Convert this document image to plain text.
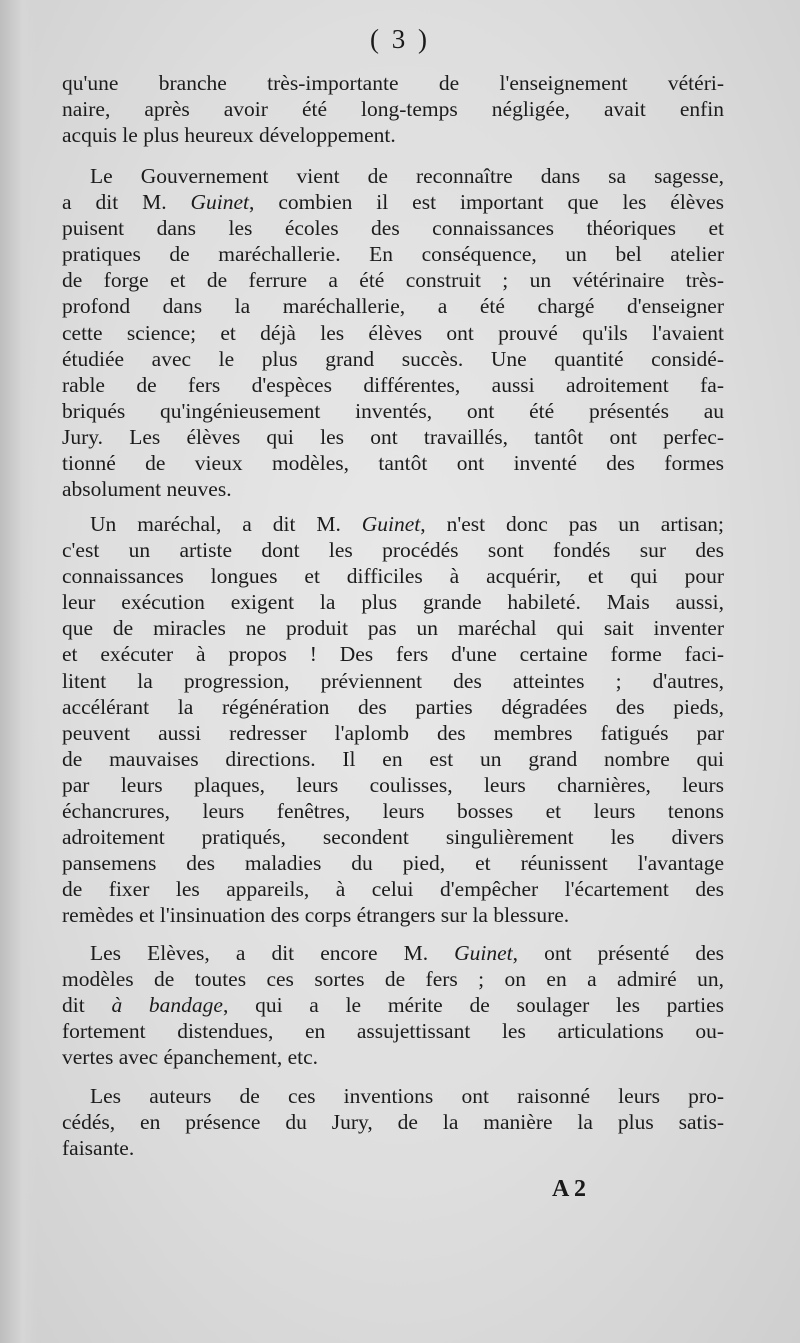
( 3 )
qu'une branche très-importante de l'enseignement vétéri-
naire, après avoir été long-temps négligée, avait enfin
acquis le plus heureux développement.
Le Gouvernement vient de reconnaître dans sa sagesse,
a dit M. Guinet, combien il est important que les élèves
puisent dans les écoles des connaissances théoriques et
pratiques de maréchallerie. En conséquence, un bel atelier
de forge et de ferrure a été construit ; un vétérinaire très-
profond dans la maréchallerie, a été chargé d'enseigner
cette science; et déjà les élèves ont prouvé qu'ils l'avaient
étudiée avec le plus grand succès. Une quantité considé-
rable de fers d'espèces différentes, aussi adroitement fa-
briqués qu'ingénieusement inventés, ont été présentés au
Jury. Les élèves qui les ont travaillés, tantôt ont perfec-
tionné de vieux modèles, tantôt ont inventé des formes
absolument neuves.
Un maréchal, a dit M. Guinet, n'est donc pas un artisan;
c'est un artiste dont les procédés sont fondés sur des
connaissances longues et difficiles à acquérir, et qui pour
leur exécution exigent la plus grande habileté. Mais aussi,
que de miracles ne produit pas un maréchal qui sait inventer
et exécuter à propos ! Des fers d'une certaine forme faci-
litent la progression, préviennent des atteintes ; d'autres,
accélérant la régénération des parties dégradées des pieds,
peuvent aussi redresser l'aplomb des membres fatigués par
de mauvaises directions. Il en est un grand nombre qui
par leurs plaques, leurs coulisses, leurs charnières, leurs
échancrures, leurs fenêtres, leurs bosses et leurs tenons
adroitement pratiqués, secondent singulièrement les divers
pansemens des maladies du pied, et réunissent l'avantage
de fixer les appareils, à celui d'empêcher l'écartement des
remèdes et l'insinuation des corps étrangers sur la blessure.
Les Elèves, a dit encore M. Guinet, ont présenté des
modèles de toutes ces sortes de fers ; on en a admiré un,
dit à bandage, qui a le mérite de soulager les parties
fortement distendues, en assujettissant les articulations ou-
vertes avec épanchement, etc.
Les auteurs de ces inventions ont raisonné leurs pro-
cédés, en présence du Jury, de la manière la plus satis-
faisante.
A 2
